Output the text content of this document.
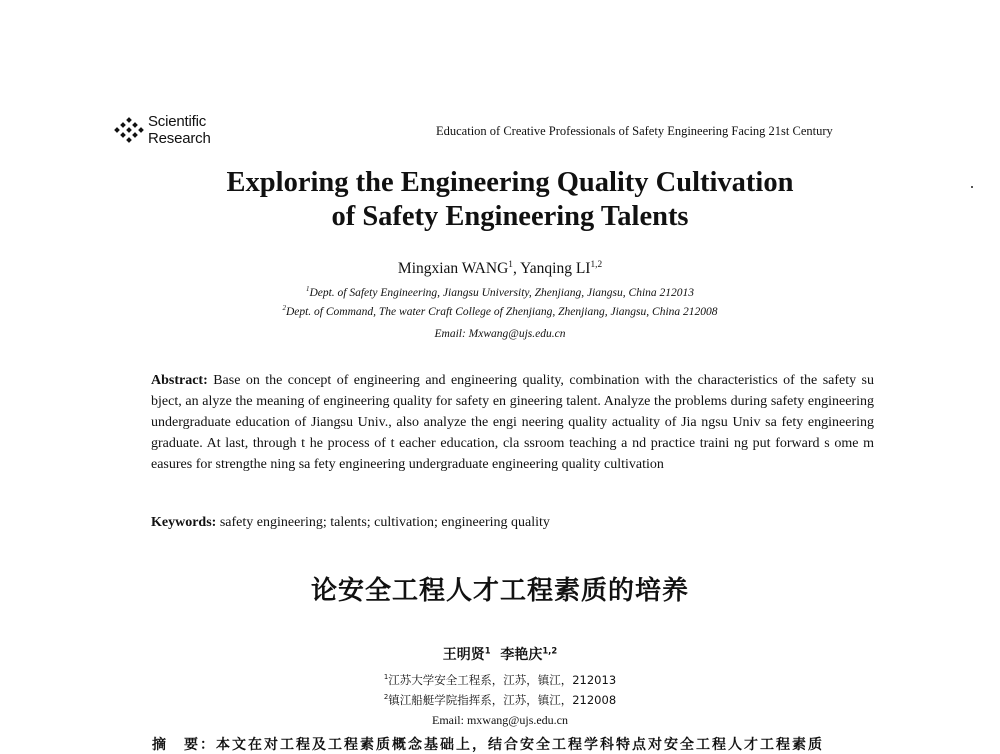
Scientific
Research	Education of Creative Professionals of Safety Engineering Facing 21st Century
Exploring the Engineering Quality Cultivation
of Safety Engineering Talents
Mingxian WANG$^1$, Yanqing LI$^{1,2}$
$^1$Dept. of Safety Engineering, Jiangsu University, Zhenjiang, Jiangsu, China 212013
$^2$Dept. of Command, The water Craft College of Zhenjiang, Zhenjiang, Jiangsu, China 212008
Email: Mxwang@ujs.edu.cn
Abstract: Base on the concept of engineering and engineering quality, combination with the characteristics of the safety su bject, an alyze the meaning of engineering quality for safety en gineering talent. Analyze the problems during safety engineering undergraduate education of Jiangsu Univ., also analyze the engi neering quality actuality of Jia ngsu Univ sa fety engineering graduate. At last, through t he process of t eacher education, cla ssroom teaching a nd practice traini ng put forward s ome m easures for strengthe ning sa fety engineering undergraduate engineering quality cultivation
Keywords: safety engineering; talents; cultivation; engineering quality
论安全工程人才工程素质的培养
王明贤$^1$ 李艳庆$^{1,2}$
$^1$江苏大学安全工程系，江苏，镇江，212013
$^2$镇江船艇学院指挥系，江苏，镇江，212008
Email: mxwang@ujs.edu.cn
摘　要：本文在对工程及工程素质概念基础上，结合安全工程学科特点对安全工程人才工程素质
